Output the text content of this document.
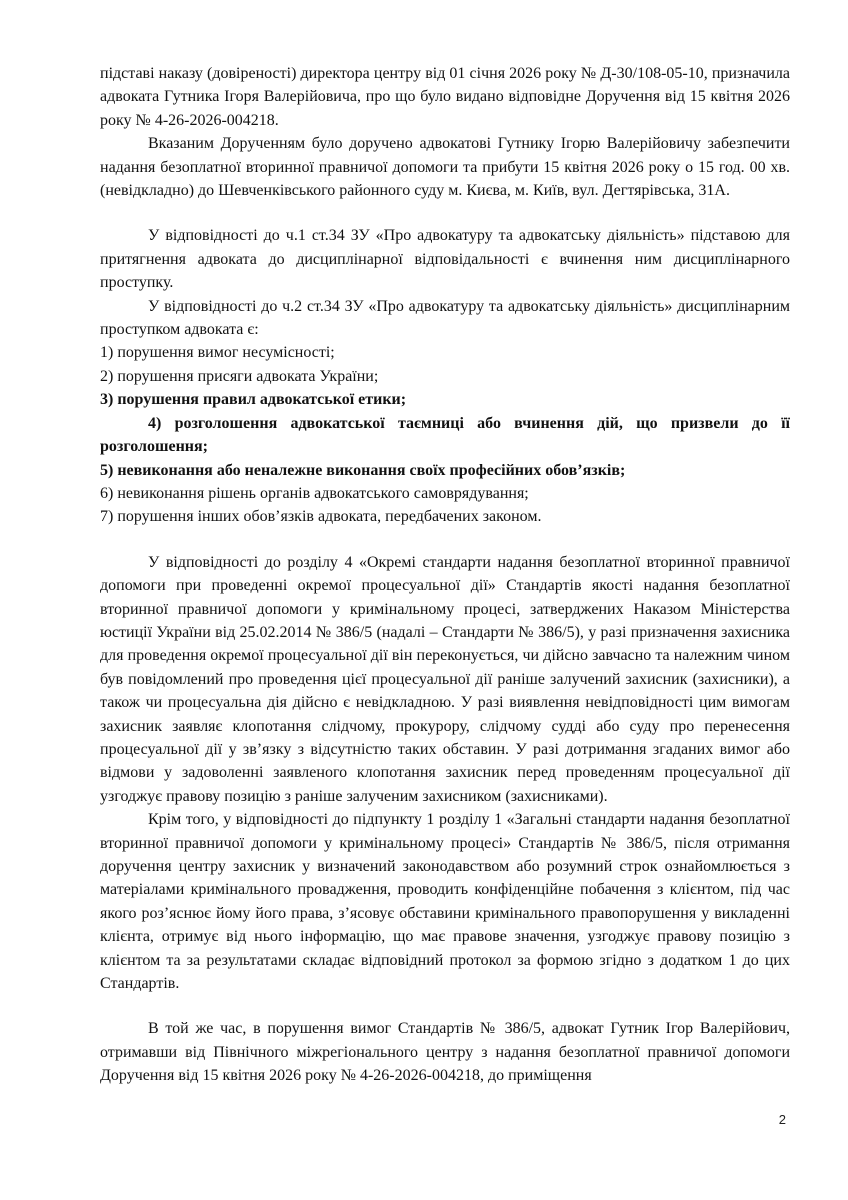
підставі наказу (довіреності) директора центру від 01 січня 2026 року № Д-30/108-05-10, призначила адвоката Гутника Ігоря Валерійовича, про що було видано відповідне Доручення від 15 квітня 2026 року № 4-26-2026-004218.

Вказаним Дорученням було доручено адвокатові Гутнику Ігорю Валерійовичу забезпечити надання безоплатної вторинної правничої допомоги та прибути 15 квітня 2026 року о 15 год. 00 хв. (невідкладно) до Шевченківського районного суду м. Києва, м. Київ, вул. Дегтярівська, 31А.

У відповідності до ч.1 ст.34 ЗУ «Про адвокатуру та адвокатську діяльність» підставою для притягнення адвоката до дисциплінарної відповідальності є вчинення ним дисциплінарного проступку.

У відповідності до ч.2 ст.34 ЗУ «Про адвокатуру та адвокатську діяльність» дисциплінарним проступком адвоката є:

1) порушення вимог несумісності;

2) порушення присяги адвоката України;

3) порушення правил адвокатської етики;

4) розголошення адвокатської таємниці або вчинення дій, що призвели до її розголошення;

5) невиконання або неналежне виконання своїх професійних обов’язків;

6) невиконання рішень органів адвокатського самоврядування;

7) порушення інших обов’язків адвоката, передбачених законом.

У відповідності до розділу 4 «Окремі стандарти надання безоплатної вторинної правничої допомоги при проведенні окремої процесуальної дії» Стандартів якості надання безоплатної вторинної правничої допомоги у кримінальному процесі, затверджених Наказом Міністерства юстиції України від 25.02.2014 № 386/5 (надалі – Стандарти № 386/5), у разі призначення захисника для проведення окремої процесуальної дії він переконується, чи дійсно завчасно та належним чином був повідомлений про проведення цієї процесуальної дії раніше залучений захисник (захисники), а також чи процесуальна дія дійсно є невідкладною. У разі виявлення невідповідності цим вимогам захисник заявляє клопотання слідчому, прокурору, слідчому судді або суду про перенесення процесуальної дії у зв’язку з відсутністю таких обставин. У разі дотримання згаданих вимог або відмови у задоволенні заявленого клопотання захисник перед проведенням процесуальної дії узгоджує правову позицію з раніше залученим захисником (захисниками).

Крім того, у відповідності до підпункту 1 розділу 1 «Загальні стандарти надання безоплатної вторинної правничої допомоги у кримінальному процесі» Стандартів № 386/5, після отримання доручення центру захисник у визначений законодавством або розумний строк ознайомлюється з матеріалами кримінального провадження, проводить конфіденційне побачення з клієнтом, під час якого роз’яснює йому його права, з’ясовує обставини кримінального правопорушення у викладенні клієнта, отримує від нього інформацію, що має правове значення, узгоджує правову позицію з клієнтом та за результатами складає відповідний протокол за формою згідно з додатком 1 до цих Стандартів.

В той же час, в порушення вимог Стандартів № 386/5, адвокат Гутник Ігор Валерійович, отримавши від Північного міжрегіонального центру з надання безоплатної правничої допомоги Доручення від 15 квітня 2026 року № 4-26-2026-004218, до приміщення

2
